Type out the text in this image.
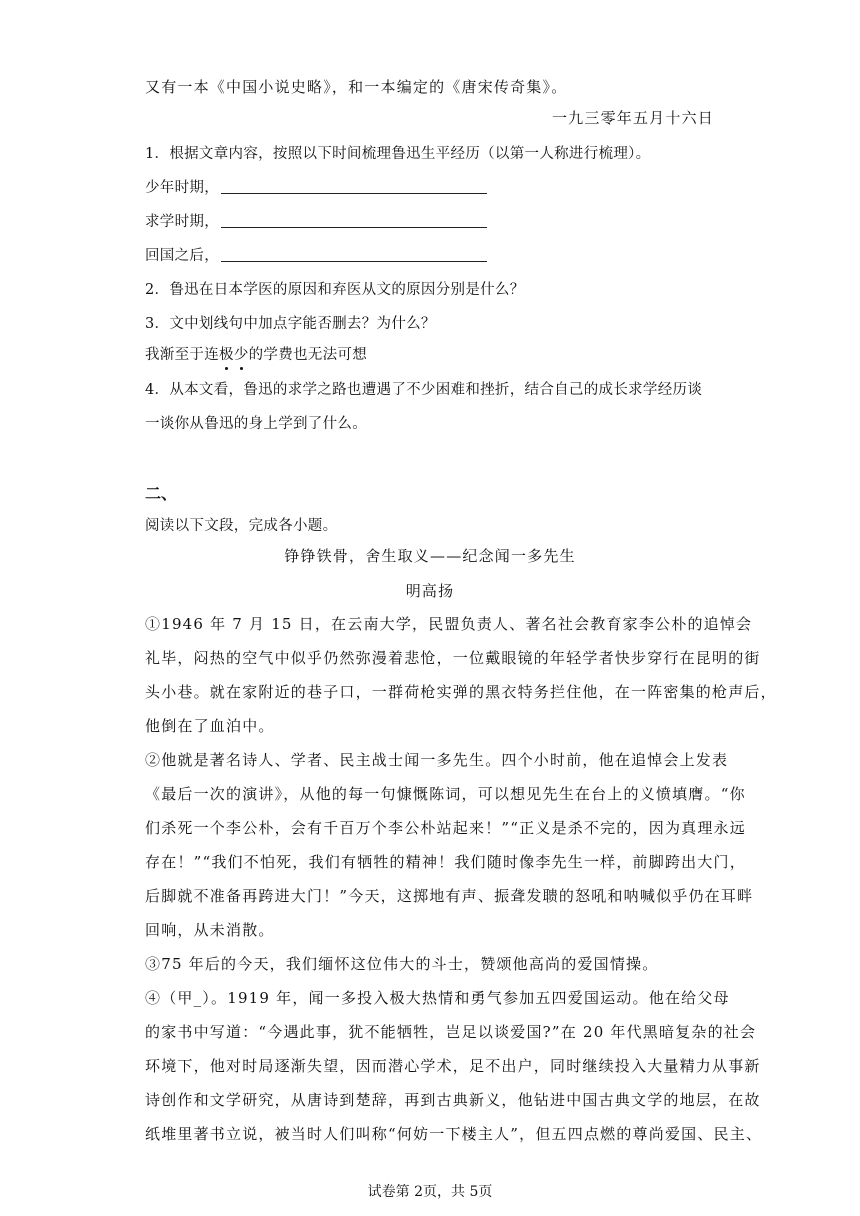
又有一本《中国小说史略》，和一本编定的《唐宋传奇集》。
一九三零年五月十六日
1．根据文章内容，按照以下时间梳理鲁迅生平经历（以第一人称进行梳理）。
少年时期，
求学时期，
回国之后，
2．鲁迅在日本学医的原因和弃医从文的原因分别是什么？
3．文中划线句中加点字能否删去？为什么？
我渐至于连极少的学费也无法可想
4．从本文看，鲁迅的求学之路也遭遇了不少困难和挫折，结合自己的成长求学经历谈
一谈你从鲁迅的身上学到了什么。
二、
阅读以下文段，完成各小题。
铮铮铁骨，舍生取义——纪念闻一多先生
明高扬
①1946 年 7 月 15 日，在云南大学，民盟负责人、著名社会教育家李公朴的追悼会
礼毕，闷热的空气中似乎仍然弥漫着悲怆，一位戴眼镜的年轻学者快步穿行在昆明的街
头小巷。就在家附近的巷子口，一群荷枪实弹的黑衣特务拦住他，在一阵密集的枪声后，
他倒在了血泊中。
②他就是著名诗人、学者、民主战士闻一多先生。四个小时前，他在追悼会上发表
《最后一次的演讲》，从他的每一句慷慨陈词，可以想见先生在台上的义愤填膺。“你
们杀死一个李公朴，会有千百万个李公朴站起来！”“正义是杀不完的，因为真理永远
存在！”“我们不怕死，我们有牺牲的精神！我们随时像李先生一样，前脚跨出大门，
后脚就不准备再跨进大门！”今天，这掷地有声、振聋发聩的怒吼和呐喊似乎仍在耳畔
回响，从未消散。
③75 年后的今天，我们缅怀这位伟大的斗士，赞颂他高尚的爱国情操。
④（甲_）。1919 年，闻一多投入极大热情和勇气参加五四爱国运动。他在给父母
的家书中写道：“今遇此事，犹不能牺牲，岂足以谈爱国?”在 20 年代黑暗复杂的社会
环境下，他对时局逐渐失望，因而潜心学术，足不出户，同时继续投入大量精力从事新
诗创作和文学研究，从唐诗到楚辞，再到古典新义，他钻进中国古典文学的地层，在故
纸堆里著书立说，被当时人们叫称“何妨一下楼主人”，但五四点燃的尊尚爱国、民主、
试卷第 2页，共 5页
